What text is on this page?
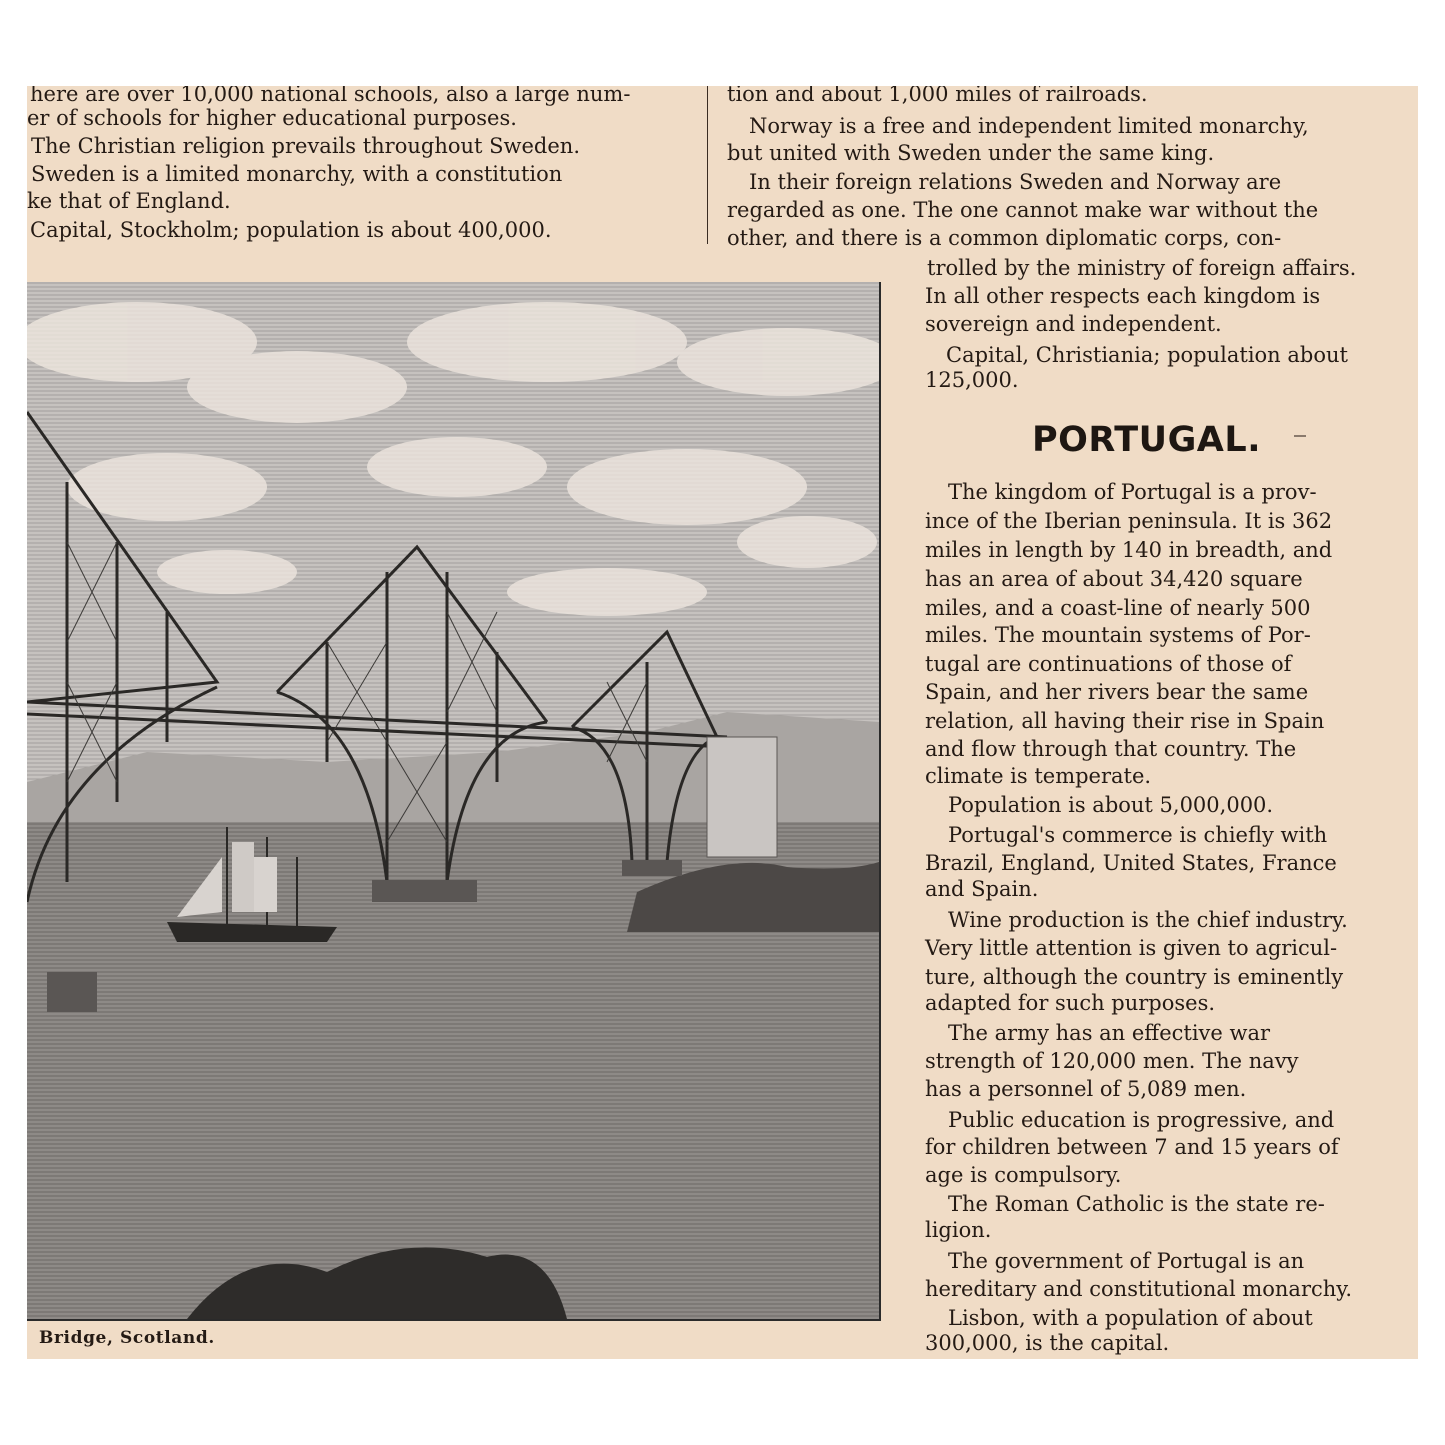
here are over 10,000 national schools, also a large num-
er of schools for higher educational purposes.
The Christian religion prevails throughout Sweden.
Sweden is a limited monarchy, with a constitution
ke that of England.
Capital, Stockholm; population is about 400,000.
tion and about 1,000 miles of railroads.
Norway is a free and independent limited monarchy,
but united with Sweden under the same king.
In their foreign relations Sweden and Norway are
regarded as one. The one cannot make war without the
other, and there is a common diplomatic corps, con-
trolled by the ministry of foreign affairs.
In all other respects each kingdom is
sovereign and independent.
Capital, Christiania; population about
125,000.
PORTUGAL.
The kingdom of Portugal is a prov-
ince of the Iberian peninsula. It is 362
miles in length by 140 in breadth, and
has an area of about 34,420 square
miles, and a coast-line of nearly 500
miles. The mountain systems of Por-
tugal are continuations of those of
Spain, and her rivers bear the same
relation, all having their rise in Spain
and flow through that country. The
climate is temperate.
Population is about 5,000,000.
Portugal's commerce is chiefly with
Brazil, England, United States, France
and Spain.
Wine production is the chief industry.
Very little attention is given to agricul-
ture, although the country is eminently
adapted for such purposes.
The army has an effective war
strength of 120,000 men. The navy
has a personnel of 5,089 men.
Public education is progressive, and
for children between 7 and 15 years of
age is compulsory.
The Roman Catholic is the state re-
ligion.
The government of Portugal is an
hereditary and constitutional monarchy.
Lisbon, with a population of about
300,000, is the capital.
Bridge, Scotland.
